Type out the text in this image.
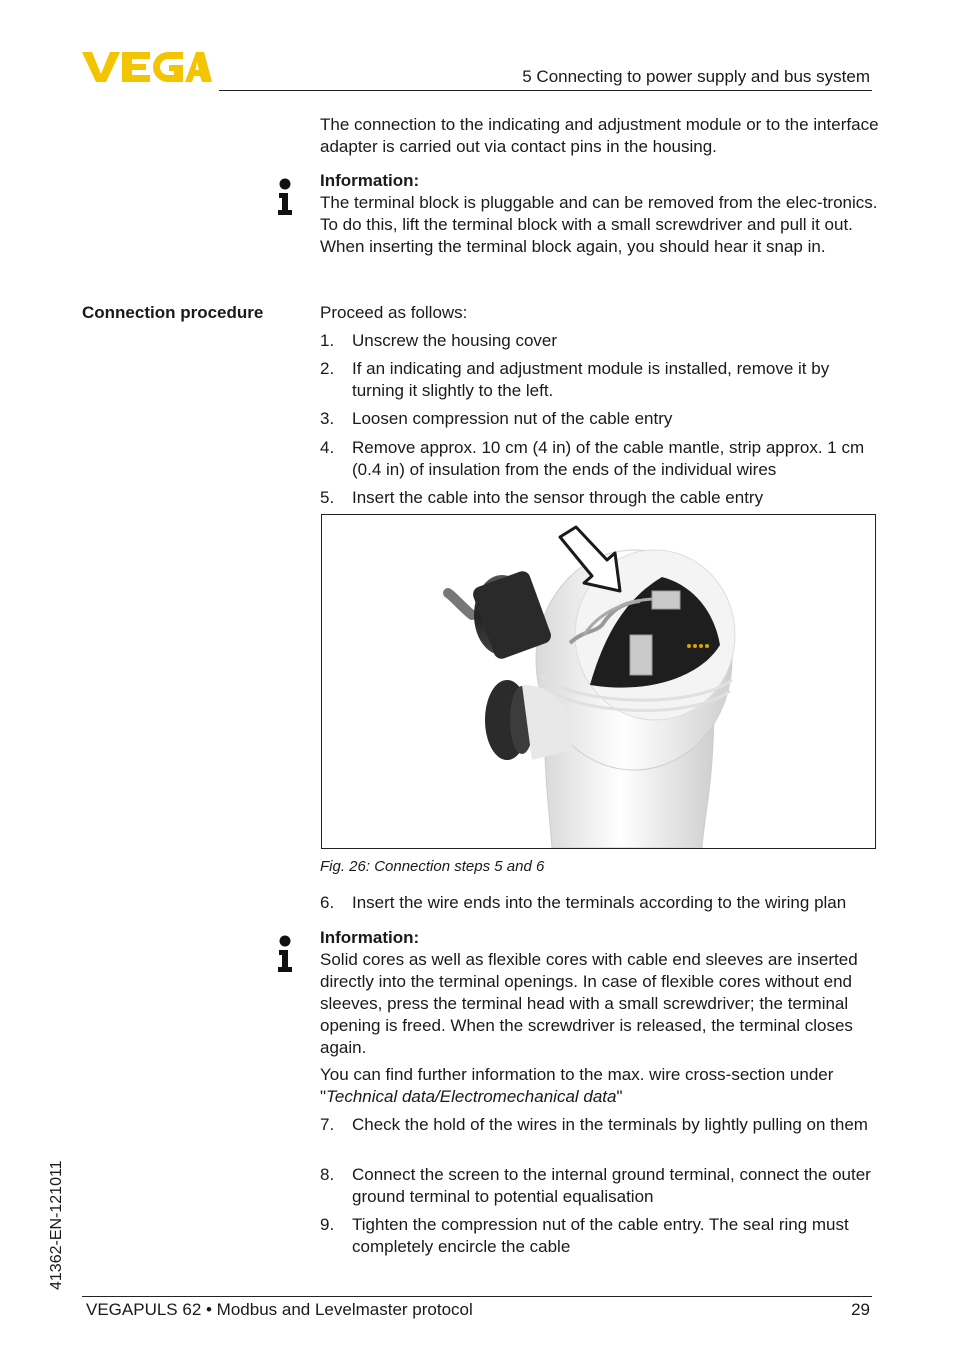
5 Connecting to power supply and bus system
The connection to the indicating and adjustment module or to the interface adapter is carried out via contact pins in the housing.
Information:
The terminal block is pluggable and can be removed from the elec-tronics. To do this, lift the terminal block with a small screwdriver and pull it out. When inserting the terminal block again, you should hear it snap in.
Connection procedure	Proceed as follows:
1. Unscrew the housing cover
2. If an indicating and adjustment module is installed, remove it by turning it slightly to the left.
3. Loosen compression nut of the cable entry
4. Remove approx. 10 cm (4 in) of the cable mantle, strip approx. 1 cm (0.4 in) of insulation from the ends of the individual wires
5. Insert the cable into the sensor through the cable entry
Fig. 26: Connection steps 5 and 6
6. Insert the wire ends into the terminals according to the wiring plan
Information:
Solid cores as well as flexible cores with cable end sleeves are inserted directly into the terminal openings. In case of flexible cores without end sleeves, press the terminal head with a small screwdriver; the terminal opening is freed. When the screwdriver is released, the terminal closes again.
You can find further information to the max. wire cross-section under "Technical data/Electromechanical data"
7. Check the hold of the wires in the terminals by lightly pulling on them
8. Connect the screen to the internal ground terminal, connect the outer ground terminal to potential equalisation
9. Tighten the compression nut of the cable entry. The seal ring must completely encircle the cable
41362-EN-121011
VEGAPULS 62 • Modbus and Levelmaster protocol	29
